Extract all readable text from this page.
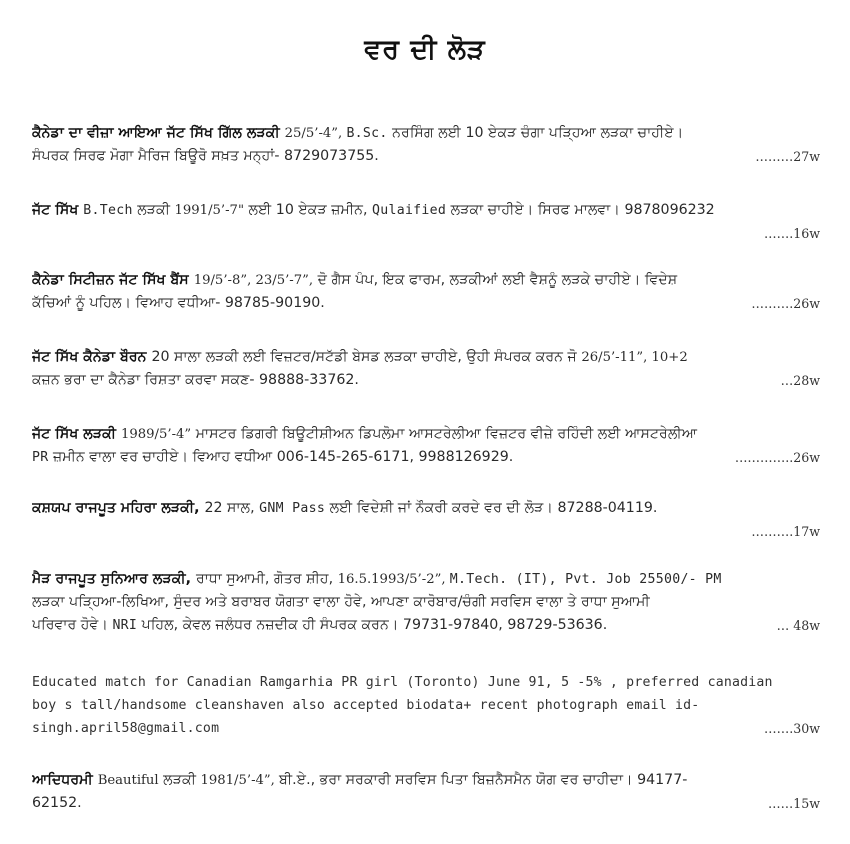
ਵਰ ਦੀ ਲੋੜ
ਕੈਨੇਡਾ ਦਾ ਵੀਜ਼ਾ ਆਇਆ ਜੱਟ ਸਿੱਖ ਗਿੱਲ ਲੜਕੀ 25/5’-4”, B.Sc. ਨਰਸਿੰਗ ਲਈ 10 ਏਕੜ ਚੰਗਾ ਪੜ੍ਹਿਆ ਲੜਕਾ ਚਾਹੀਏ।
………27w
ਸੰਪਰਕ ਸਿਰਫ ਮੋਗਾ ਮੈਰਿਜ ਬਿਊਰੋ ਸਖ਼ਤ ਮਨ੍ਹਾਂ- 8729073755.
ਜੱਟ ਸਿੱਖ B.Tech ਲੜਕੀ 1991/5’-7" ਲਈ 10 ਏਕੜ ਜ਼ਮੀਨ, Qulaified ਲੜਕਾ ਚਾਹੀਏ। ਸਿਰਫ ਮਾਲਵਾ। 9878096232
…….16w
ਕੈਨੇਡਾ ਸਿਟੀਜ਼ਨ ਜੱਟ ਸਿੱਖ ਬੈਂਸ 19/5’-8”, 23/5’-7”, ਦੋ ਗੈਸ ਪੰਪ, ਇਕ ਫਾਰਮ, ਲੜਕੀਆਂ ਲਈ ਵੈਸ਼ਨੂੰ ਲੜਕੇ ਚਾਹੀਏ। ਵਿਦੇਸ਼
……….26w
ਕੱਚਿਆਂ ਨੂੰ ਪਹਿਲ। ਵਿਆਹ ਵਧੀਆ- 98785-90190.
ਜੱਟ ਸਿੱਖ ਕੈਨੇਡਾ ਬੌਰਨ 20 ਸਾਲਾ ਲੜਕੀ ਲਈ ਵਿਜ਼ਟਰ/ਸਟੱਡੀ ਬੇਸਡ ਲੜਕਾ ਚਾਹੀਏ, ਉਹੀ ਸੰਪਰਕ ਕਰਨ ਜੋ 26/5’-11”, 10+2
…28w
ਕਜ਼ਨ ਭਰਾ ਦਾ ਕੈਨੇਡਾ ਰਿਸ਼ਤਾ ਕਰਵਾ ਸਕਣ- 98888-33762.
ਜੱਟ ਸਿੱਖ ਲੜਕੀ 1989/5’-4” ਮਾਸਟਰ ਡਿਗਰੀ ਬਿਊਟੀਸ਼ੀਅਨ ਡਿਪਲੋਮਾ ਆਸਟਰੇਲੀਆ ਵਿਜ਼ਟਰ ਵੀਜ਼ੇ ਰਹਿੰਦੀ ਲਈ ਆਸਟਰੇਲੀਆ
…………..26w
PR ਜ਼ਮੀਨ ਵਾਲਾ ਵਰ ਚਾਹੀਏ। ਵਿਆਹ ਵਧੀਆ 006-145-265-6171, 9988126929.
ਕਸ਼ਯਪ ਰਾਜਪੂਤ ਮਹਿਰਾ ਲੜਕੀ, 22 ਸਾਲ, GNM Pass ਲਈ ਵਿਦੇਸ਼ੀ ਜਾਂ ਨੌਕਰੀ ਕਰਦੇ ਵਰ ਦੀ ਲੋੜ। 87288-04119.
……….17w
ਮੈੜ ਰਾਜਪੂਤ ਸੁਨਿਆਰ ਲੜਕੀ, ਰਾਧਾ ਸੁਆਮੀ, ਗੋਤਰ ਸ਼ੀਹ, 16.5.1993/5’-2”, M.Tech. (IT), Pvt. Job 25500/- PM
ਲੜਕਾ ਪੜ੍ਹਿਆ-ਲਿਖਿਆ, ਸੁੰਦਰ ਅਤੇ ਬਰਾਬਰ ਯੋਗਤਾ ਵਾਲਾ ਹੋਵੇ, ਆਪਣਾ ਕਾਰੋਬਾਰ/ਚੰਗੀ ਸਰਵਿਸ ਵਾਲਾ ਤੇ ਰਾਧਾ ਸੁਆਮੀ
… 48w
ਪਰਿਵਾਰ ਹੋਵੇ। NRI ਪਹਿਲ, ਕੇਵਲ ਜਲੰਧਰ ਨਜ਼ਦੀਕ ਹੀ ਸੰਪਰਕ ਕਰਨ। 79731-97840, 98729-53636.
Educated match for Canadian Ramgarhia PR girl (Toronto) June 91, 5 -5% , preferred canadian
boy s tall/handsome cleanshaven also accepted biodata+ recent photograph email id-
…….30w
singh.april58@gmail.com
ਆਦਿਧਰਮੀ Beautiful ਲੜਕੀ 1981/5’-4”, ਬੀ.ਏ., ਭਰਾ ਸਰਕਾਰੀ ਸਰਵਿਸ ਪਿਤਾ ਬਿਜ਼ਨੈਸਮੈਨ ਯੋਗ ਵਰ ਚਾਹੀਦਾ। 94177-
……15w
62152.
